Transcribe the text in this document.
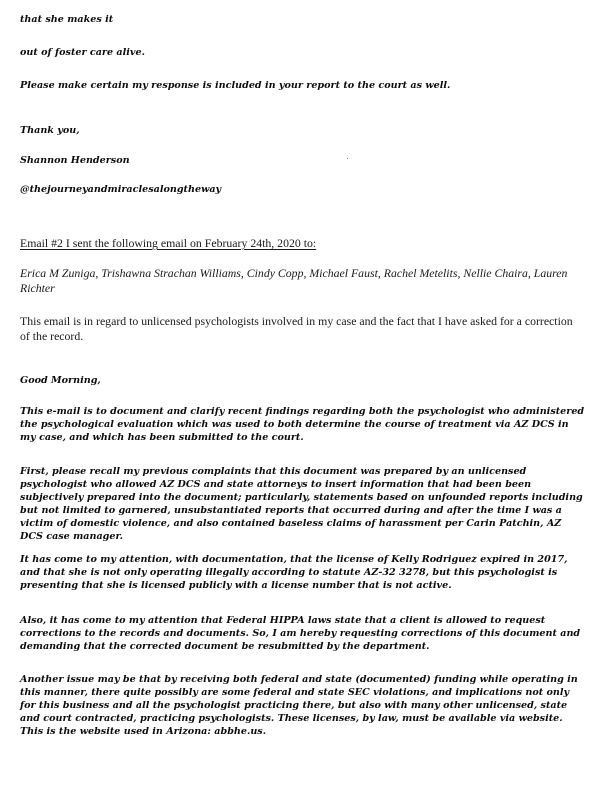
that she makes it

out of foster care alive.

Please make certain my response is included in your report to the court as well.

Thank you,

Shannon Henderson

@thejourneyandmiraclesalongtheway

Email #2 I sent the following email on February 24th, 2020 to:

Erica M Zuniga, Trishawna Strachan Williams, Cindy Copp, Michael Faust, Rachel Metelits, Nellie Chaira, Lauren Richter

This email is in regard to unlicensed psychologists involved in my case and the fact that I have asked for a correction of the record.

Good Morning,

This e-mail is to document and clarify recent findings regarding both the psychologist who administered the psychological evaluation which was used to both determine the course of treatment via AZ DCS in my case, and which has been submitted to the court.

First, please recall my previous complaints that this document was prepared by an unlicensed psychologist who allowed AZ DCS and state attorneys to insert information that had been been subjectively prepared into the document; particularly, statements based on unfounded reports including but not limited to garnered, unsubstantiated reports that occurred during and after the time I was a victim of domestic violence, and also contained baseless claims of harassment per Carin Patchin, AZ DCS case manager.

It has come to my attention, with documentation, that the license of Kelly Rodriguez expired in 2017, and that she is not only operating illegally according to statute AZ-32 3278, but this psychologist is presenting that she is licensed publicly with a license number that is not active.

Also, it has come to my attention that Federal HIPPA laws state that a client is allowed to request corrections to the records and documents. So, I am hereby requesting corrections of this document and demanding that the corrected document be resubmitted by the department.

Another issue may be that by receiving both federal and state (documented) funding while operating in this manner, there quite possibly are some federal and state SEC violations, and implications not only for this business and all the psychologist practicing there, but also with many other unlicensed, state and court contracted, practicing psychologists. These licenses, by law, must be available via website. This is the website used in Arizona: abbhe.us.
